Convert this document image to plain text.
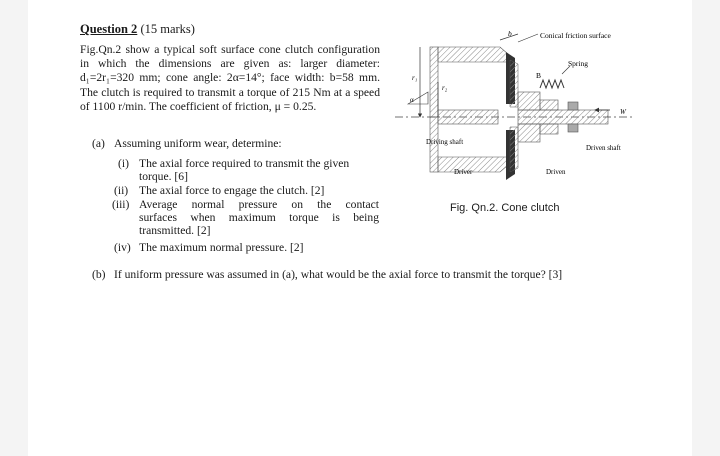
Question 2 (15 marks)
Fig.Qn.2 show a typical soft surface cone clutch configuration in which the dimensions are given as: larger diameter: d₁=2r₁=320 mm; cone angle: 2α=14°; face width: b=58 mm. The clutch is required to transmit a torque of 215 Nm at a speed of 1100 r/min. The coefficient of friction, μ = 0.25.
(a) Assuming uniform wear, determine:
(i) The axial force required to transmit the given
torque. [6]
(ii) The axial force to engage the clutch. [2]
(iii) Average normal pressure on the contact
surfaces when maximum torque is being
transmitted. [2]
(iv) The maximum normal pressure. [2]
(b) If uniform pressure was assumed in (a), what would be the axial force to transmit the torque? [3]
Conical friction surface
Spring
b
B
r₁
r₂
α
W
Driving shaft
Driven shaft
Driver	Driven
Fig. Qn.2. Cone clutch
